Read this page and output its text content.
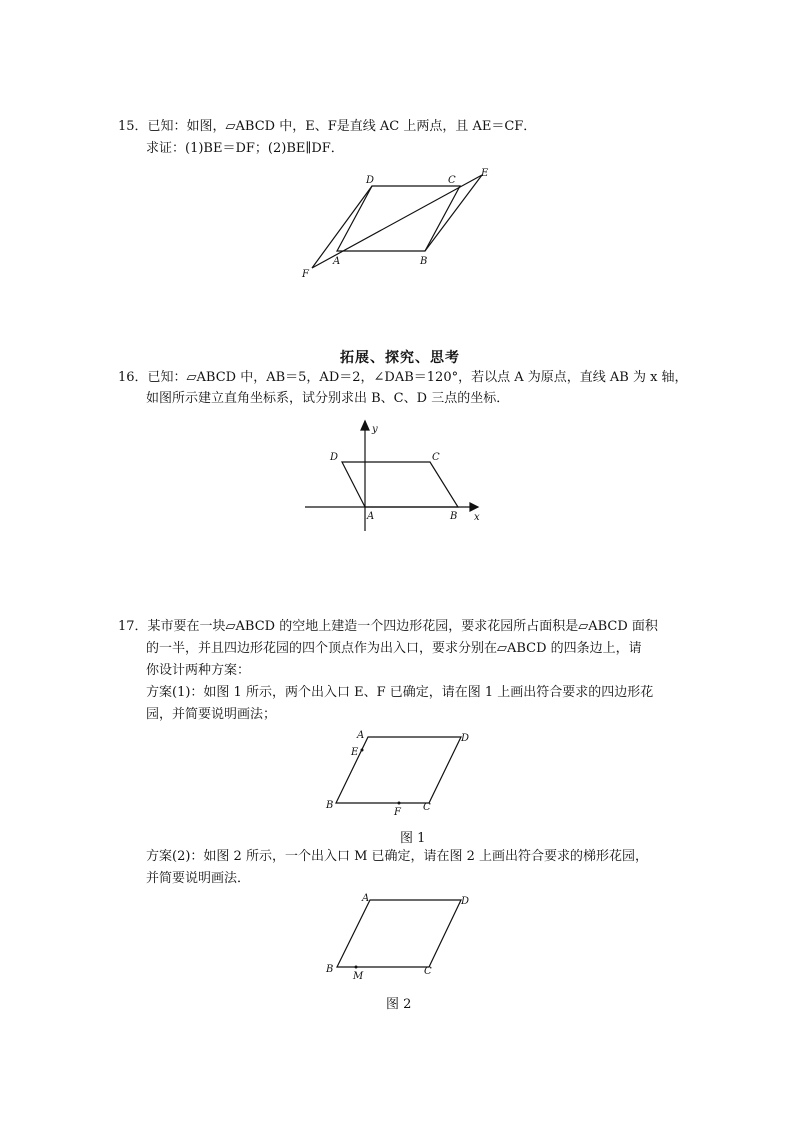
15．已知：如图，▱ABCD 中，E、F是直线 AC 上两点，且 AE＝CF．
求证：(1)BE＝DF；(2)BE∥DF．
D	C
E
A	B
F
拓展、探究、思考
16．已知：▱ABCD 中，AB＝5，AD＝2，∠DAB＝120°，若以点 A 为原点，直线 AB 为 x 轴，
如图所示建立直角坐标系，试分别求出 B、C、D 三点的坐标．
y
x
D	C
A	B
17．某市要在一块▱ABCD 的空地上建造一个四边形花园，要求花园所占面积是▱ABCD 面积
的一半，并且四边形花园的四个顶点作为出入口，要求分别在▱ABCD 的四条边上，请
你设计两种方案：
方案(1)：如图 1 所示，两个出入口 E、F 已确定，请在图 1 上画出符合要求的四边形花
园，并简要说明画法；
A	D
E
B
F C
图 1
方案(2)：如图 2 所示，一个出入口 M 已确定，请在图 2 上画出符合要求的梯形花园，
并简要说明画法．
A	D
B
M	C
图 2
